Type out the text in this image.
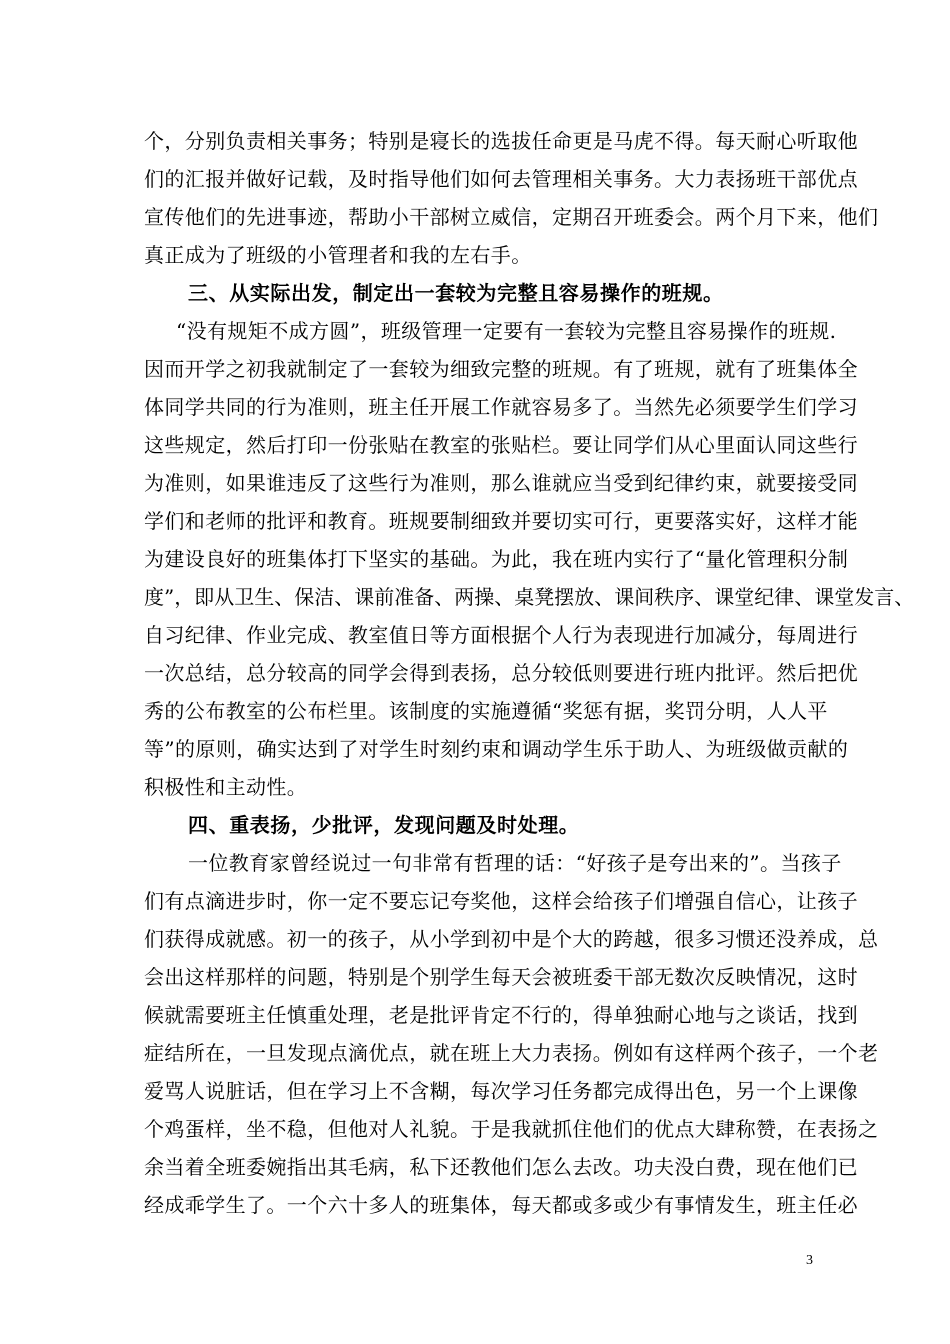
个，分别负责相关事务；特别是寝长的选拔任命更是马虎不得。每天耐心听取他
们的汇报并做好记载，及时指导他们如何去管理相关事务。大力表扬班干部优点
宣传他们的先进事迹，帮助小干部树立威信，定期召开班委会。两个月下来，他们
真正成为了班级的小管理者和我的左右手。
三、从实际出发，制定出一套较为完整且容易操作的班规。
“没有规矩不成方圆”，班级管理一定要有一套较为完整且容易操作的班规.
因而开学之初我就制定了一套较为细致完整的班规。有了班规，就有了班集体全
体同学共同的行为准则，班主任开展工作就容易多了。当然先必须要学生们学习
这些规定，然后打印一份张贴在教室的张贴栏。要让同学们从心里面认同这些行
为准则，如果谁违反了这些行为准则，那么谁就应当受到纪律约束，就要接受同
学们和老师的批评和教育。班规要制细致并要切实可行，更要落实好，这样才能
为建设良好的班集体打下坚实的基础。为此，我在班内实行了“量化管理积分制
度”，即从卫生、保洁、课前准备、两操、桌凳摆放、课间秩序、课堂纪律、课堂发言、
自习纪律、作业完成、教室值日等方面根据个人行为表现进行加减分，每周进行
一次总结，总分较高的同学会得到表扬，总分较低则要进行班内批评。然后把优
秀的公布教室的公布栏里。该制度的实施遵循“奖惩有据，奖罚分明，人人平
等”的原则，确实达到了对学生时刻约束和调动学生乐于助人、为班级做贡献的
积极性和主动性。
四、重表扬，少批评，发现问题及时处理。
一位教育家曾经说过一句非常有哲理的话：“好孩子是夸出来的”。当孩子
们有点滴进步时，你一定不要忘记夸奖他，这样会给孩子们增强自信心，让孩子
们获得成就感。初一的孩子，从小学到初中是个大的跨越，很多习惯还没养成，总
会出这样那样的问题，特别是个别学生每天会被班委干部无数次反映情况，这时
候就需要班主任慎重处理，老是批评肯定不行的，得单独耐心地与之谈话，找到
症结所在，一旦发现点滴优点，就在班上大力表扬。例如有这样两个孩子，一个老
爱骂人说脏话，但在学习上不含糊，每次学习任务都完成得出色，另一个上课像
个鸡蛋样，坐不稳，但他对人礼貌。于是我就抓住他们的优点大肆称赞，在表扬之
余当着全班委婉指出其毛病，私下还教他们怎么去改。功夫没白费，现在他们已
经成乖学生了。一个六十多人的班集体，每天都或多或少有事情发生，班主任必
3
